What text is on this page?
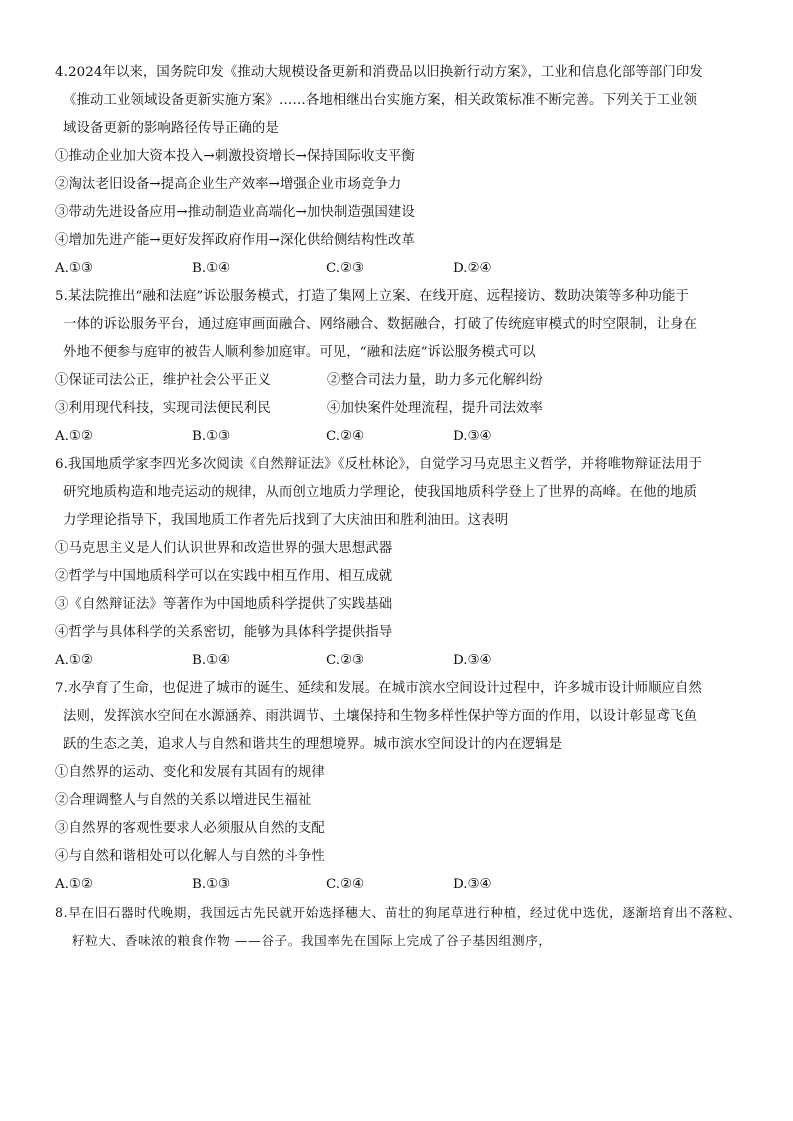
4.2024年以来，国务院印发《推动大规模设备更新和消费品以旧换新行动方案》，工业和信息化部等部门印发
《推动工业领域设备更新实施方案》……各地相继出台实施方案，相关政策标准不断完善。下列关于工业领
域设备更新的影响路径传导正确的是
①推动企业加大资本投入→刺激投资增长→保持国际收支平衡
②淘汰老旧设备→提高企业生产效率→增强企业市场竞争力
③带动先进设备应用→推动制造业高端化→加快制造强国建设
④增加先进产能→更好发挥政府作用→深化供给侧结构性改革
A.①③	B.①④	C.②③	D.②④
5.某法院推出“融和法庭”诉讼服务模式，打造了集网上立案、在线开庭、远程接访、数助决策等多种功能于
一体的诉讼服务平台，通过庭审画面融合、网络融合、数据融合，打破了传统庭审模式的时空限制，让身在
外地不便参与庭审的被告人顺利参加庭审。可见，“融和法庭”诉讼服务模式可以
①保证司法公正，维护社会公平正义	②整合司法力量，助力多元化解纠纷
③利用现代科技，实现司法便民利民	④加快案件处理流程，提升司法效率
A.①②	B.①③	C.②④	D.③④
6.我国地质学家李四光多次阅读《自然辩证法》《反杜林论》，自觉学习马克思主义哲学，并将唯物辩证法用于
研究地质构造和地壳运动的规律，从而创立地质力学理论，使我国地质科学登上了世界的高峰。在他的地质
力学理论指导下，我国地质工作者先后找到了大庆油田和胜利油田。这表明
①马克思主义是人们认识世界和改造世界的强大思想武器
②哲学与中国地质科学可以在实践中相互作用、相互成就
③《自然辩证法》等著作为中国地质科学提供了实践基础
④哲学与具体科学的关系密切，能够为具体科学提供指导
A.①②	B.①④	C.②③	D.③④
7.水孕育了生命，也促进了城市的诞生、延续和发展。在城市滨水空间设计过程中，许多城市设计师顺应自然
法则，发挥滨水空间在水源涵养、雨洪调节、土壤保持和生物多样性保护等方面的作用，以设计彰显鸢飞鱼
跃的生态之美，追求人与自然和谐共生的理想境界。城市滨水空间设计的内在逻辑是
①自然界的运动、变化和发展有其固有的规律
②合理调整人与自然的关系以增进民生福祉
③自然界的客观性要求人必须服从自然的支配
④与自然和谐相处可以化解人与自然的斗争性
A.①②	B.①③	C.②④	D.③④
8.早在旧石器时代晚期，我国远古先民就开始选择穗大、苗壮的狗尾草进行种植，经过优中选优，逐渐培育出不落粒、
籽粒大、香味浓的粮食作物 ——谷子。我国率先在国际上完成了谷子基因组测序，
